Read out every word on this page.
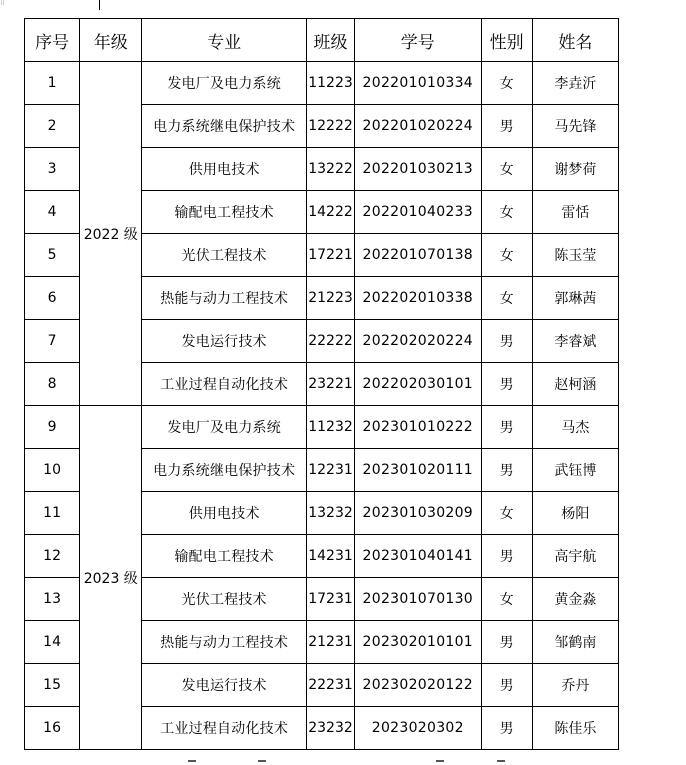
⠿
序号	年级	专业	班级	学号	性别	姓名
1	2022 级	发电厂及电力系统	11223	202201010334	女	李垚沂
2		电力系统继电保护技术	12222	202201020224	男	马先锋
3		供用电技术	13222	202201030213	女	谢梦荷
4		输配电工程技术	14222	202201040233	女	雷恬
5		光伏工程技术	17221	202201070138	女	陈玉莹
6		热能与动力工程技术	21223	202202010338	女	郭琳茜
7		发电运行技术	22222	202202020224	男	李睿斌
8		工业过程自动化技术	23221	202202030101	男	赵柯涵
9	2023 级	发电厂及电力系统	11232	202301010222	男	马杰
10		电力系统继电保护技术	12231	202301020111	男	武钰博
11		供用电技术	13232	202301030209	女	杨阳
12		输配电工程技术	14231	202301040141	男	高宇航
13		光伏工程技术	17231	202301070130	女	黄金淼
14		热能与动力工程技术	21231	202302010101	男	邹鹤南
15		发电运行技术	22231	202302020122	男	乔丹
16		工业过程自动化技术	23232	2023020302	男	陈佳乐
